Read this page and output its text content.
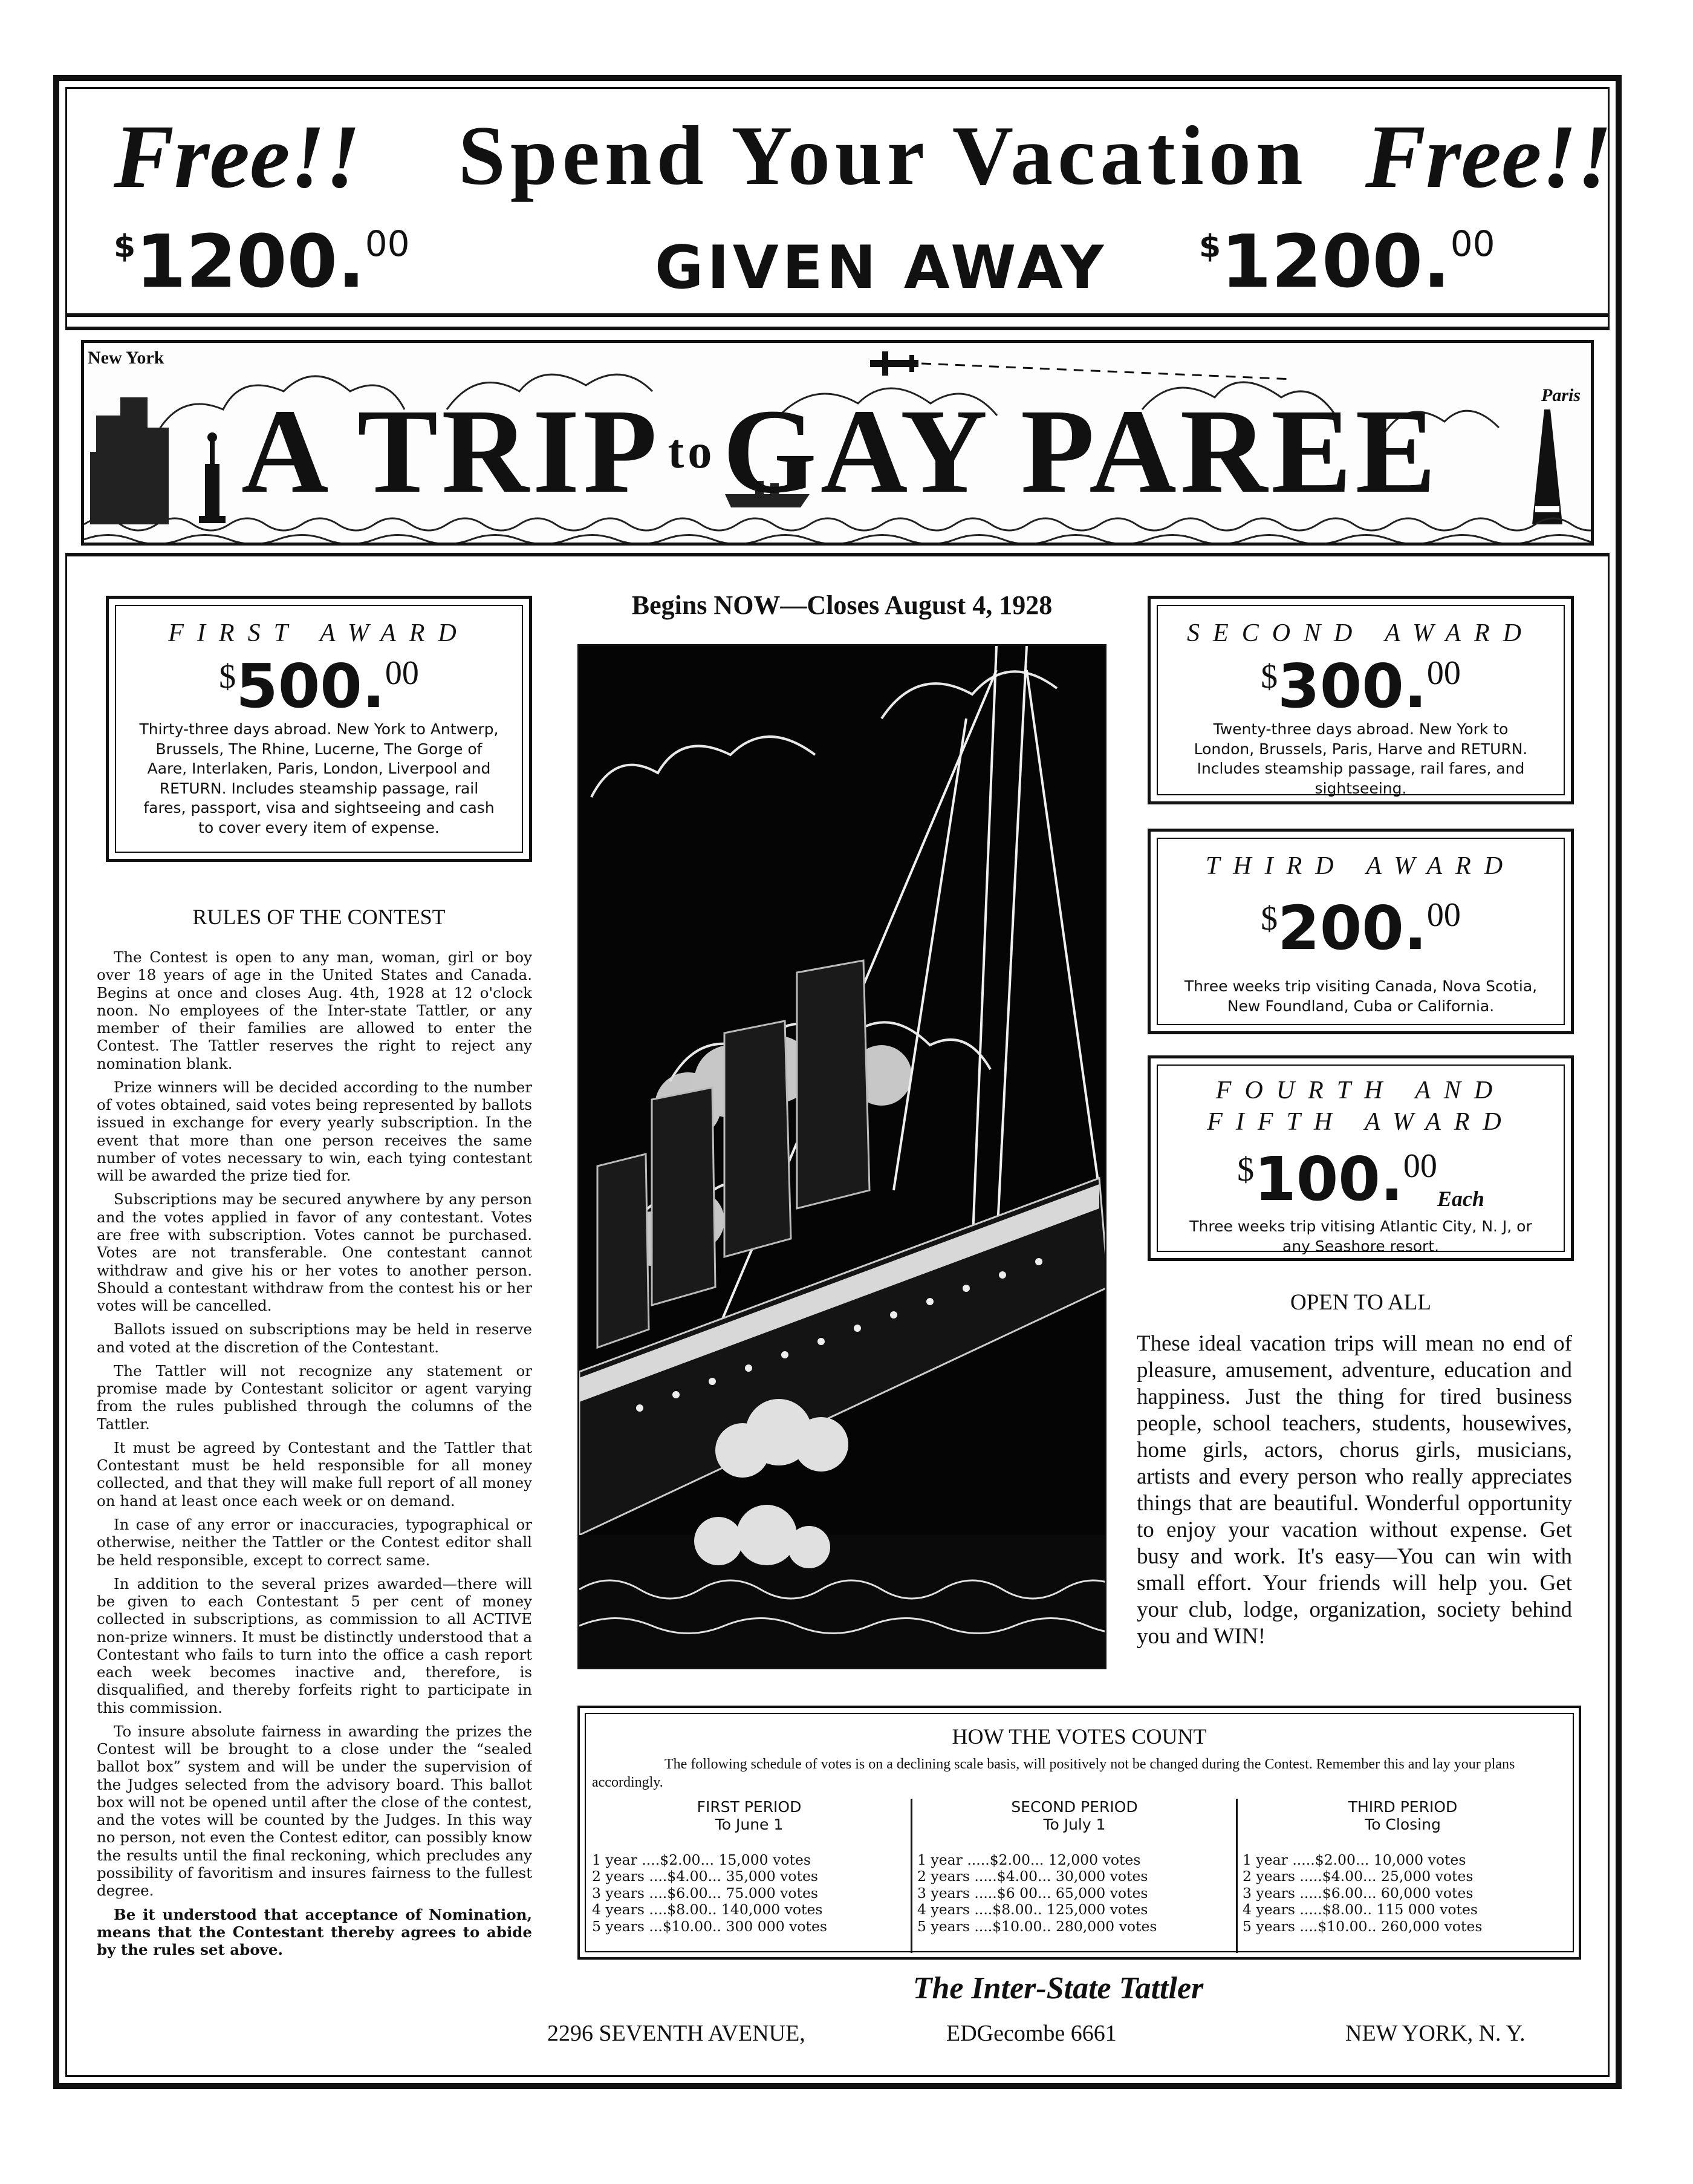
Free!! Spend Your Vacation Free!!
$1200.00	GIVEN AWAY	$1200.00
New York
Paris
A TRIP toGAY PAREE
Begins NOW—Closes August 4, 1928
FIRST AWARD
$500.00
Thirty-three days abroad. New York to Antwerp, Brussels, The Rhine, Lucerne, The Gorge of Aare, Interlaken, Paris, London, Liverpool and RETURN. Includes steamship passage, rail fares, passport, visa and sightseeing and cash to cover every item of expense.
SECOND AWARD
$300.00
Twenty-three days abroad. New York to London, Brussels, Paris, Harve and RETURN. Includes steamship passage, rail fares, and sightseeing.
THIRD AWARD
$200.00
Three weeks trip visiting Canada, Nova Scotia, New Foundland, Cuba or California.
FOURTH AND
FIFTH AWARD
$100.00Each
Three weeks trip vitising Atlantic City, N. J, or any Seashore resort.
RULES OF THE CONTEST

The Contest is open to any man, woman, girl or boy over 18 years of age in the United States and Canada. Begins at once and closes Aug. 4th, 1928 at 12 o'clock noon. No employees of the Inter-state Tattler, or any member of their families are allowed to enter the Contest. The Tattler reserves the right to reject any nomination blank.

Prize winners will be decided according to the number of votes obtained, said votes being represented by ballots issued in exchange for every yearly subscription. In the event that more than one person receives the same number of votes necessary to win, each tying contestant will be awarded the prize tied for.

Subscriptions may be secured anywhere by any person and the votes applied in favor of any contestant. Votes are free with subscription. Votes cannot be purchased. Votes are not transferable. One contestant cannot withdraw and give his or her votes to another person. Should a contestant withdraw from the contest his or her votes will be cancelled.

Ballots issued on subscriptions may be held in reserve and voted at the discretion of the Contestant.

The Tattler will not recognize any statement or promise made by Contestant solicitor or agent varying from the rules published through the columns of the Tattler.

It must be agreed by Contestant and the Tattler that Contestant must be held responsible for all money collected, and that they will make full report of all money on hand at least once each week or on demand.

In case of any error or inaccuracies, typographical or otherwise, neither the Tattler or the Contest editor shall be held responsible, except to correct same.

In addition to the several prizes awarded—there will be given to each Contestant 5 per cent of money collected in subscriptions, as commission to all ACTIVE non-prize winners. It must be distinctly understood that a Contestant who fails to turn into the office a cash report each week becomes inactive and, therefore, is disqualified, and thereby forfeits right to participate in this commission.

To insure absolute fairness in awarding the prizes the Contest will be brought to a close under the “sealed ballot box” system and will be under the supervision of the Judges selected from the advisory board. This ballot box will not be opened until after the close of the contest, and the votes will be counted by the Judges. In this way no person, not even the Contest editor, can possibly know the results until the final reckoning, which precludes any possibility of favoritism and insures fairness to the fullest degree.

Be it understood that acceptance of Nomination, means that the Contestant thereby agrees to abide by the rules set above.

OPEN TO ALL
These ideal vacation trips will mean no end of pleasure, amusement, adventure, education and happiness. Just the thing for tired business people, school teachers, students, housewives, home girls, actors, chorus girls, musicians, artists and every person who really appreciates things that are beautiful. Wonderful opportunity to enjoy your vacation without expense. Get busy and work. It's easy—You can win with small effort. Your friends will help you. Get your club, lodge, organization, society behind you and WIN!
HOW THE VOTES COUNT
The following schedule of votes is on a declining scale basis, will positively not be changed during the Contest. Remember this and lay your plans accordingly.
FIRST PERIOD
To June 1
1 year ....$2.00... 15,000 votes
2 years ....$4.00... 35,000 votes
3 years ....$6.00... 75.000 votes
4 years ....$8.00.. 140,000 votes
5 years ...$10.00.. 300 000 votes
SECOND PERIOD
To July 1
1 year .....$2.00... 12,000 votes
2 years .....$4.00... 30,000 votes
3 years .....$6 00... 65,000 votes
4 years ....$8.00.. 125,000 votes
5 years ....$10.00.. 280,000 votes
THIRD PERIOD
To Closing
1 year .....$2.00... 10,000 votes
2 years .....$4.00... 25,000 votes
3 years .....$6.00... 60,000 votes
4 years .....$8.00.. 115 000 votes
5 years ....$10.00.. 260,000 votes
The Inter-State Tattler
2296 SEVENTH AVENUE,	EDGecombe 6661	NEW YORK, N. Y.
